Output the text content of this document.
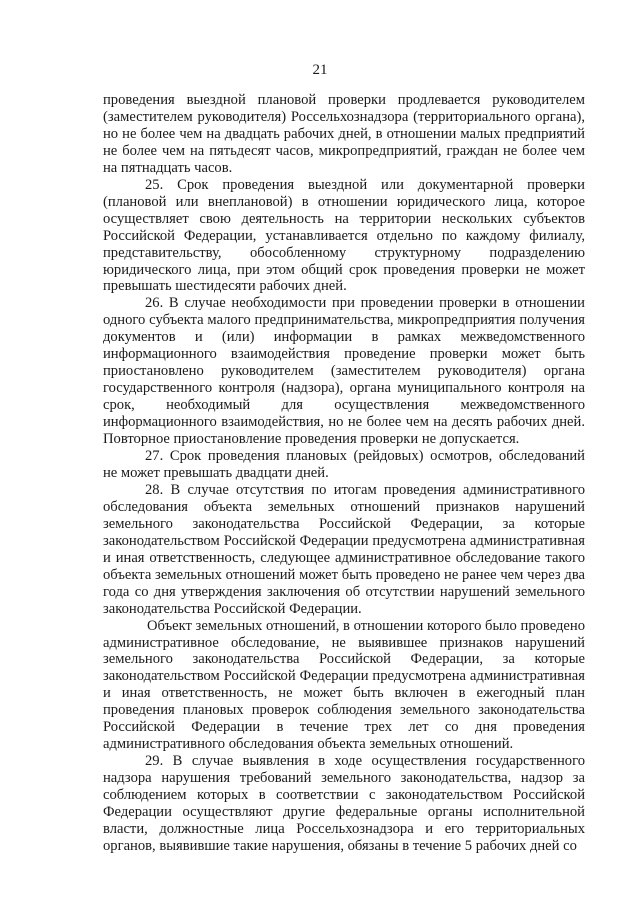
21

проведения выездной плановой проверки продлевается руководителем (заместителем руководителя) Россельхознадзора (территориального органа), но не более чем на двадцать рабочих дней, в отношении малых предприятий не более чем на пятьдесят часов, микропредприятий, граждан не более чем на пятнадцать часов.

25. Срок проведения выездной или документарной проверки (плановой или внеплановой) в отношении юридического лица, которое осуществляет свою деятельность на территории нескольких субъектов Российской Федерации, устанавливается отдельно по каждому филиалу, представительству, обособленному структурному подразделению юридического лица, при этом общий срок проведения проверки не может превышать шестидесяти рабочих дней.

26. В случае необходимости при проведении проверки в отношении одного субъекта малого предпринимательства, микропредприятия получения документов и (или) информации в рамках межведомственного информационного взаимодействия проведение проверки может быть приостановлено руководителем (заместителем руководителя) органа государственного контроля (надзора), органа муниципального контроля на срок, необходимый для осуществления межведомственного информационного взаимодействия, но не более чем на десять рабочих дней. Повторное приостановление проведения проверки не допускается.

27. Срок проведения плановых (рейдовых) осмотров, обследований не может превышать двадцати дней.

28. В случае отсутствия по итогам проведения административного обследования объекта земельных отношений признаков нарушений земельного законодательства Российской Федерации, за которые законодательством Российской Федерации предусмотрена административная и иная ответственность, следующее административное обследование такого объекта земельных отношений может быть проведено не ранее чем через два года со дня утверждения заключения об отсутствии нарушений земельного законодательства Российской Федерации.

Объект земельных отношений, в отношении которого было проведено административное обследование, не выявившее признаков нарушений земельного законодательства Российской Федерации, за которые законодательством Российской Федерации предусмотрена административная и иная ответственность, не может быть включен в ежегодный план проведения плановых проверок соблюдения земельного законодательства Российской Федерации в течение трех лет со дня проведения административного обследования объекта земельных отношений.

29. В случае выявления в ходе осуществления государственного надзора нарушения требований земельного законодательства, надзор за соблюдением которых в соответствии с законодательством Российской Федерации осуществляют другие федеральные органы исполнительной власти, должностные лица Россельхознадзора и его территориальных органов, выявившие такие нарушения, обязаны в течение 5 рабочих дней со
